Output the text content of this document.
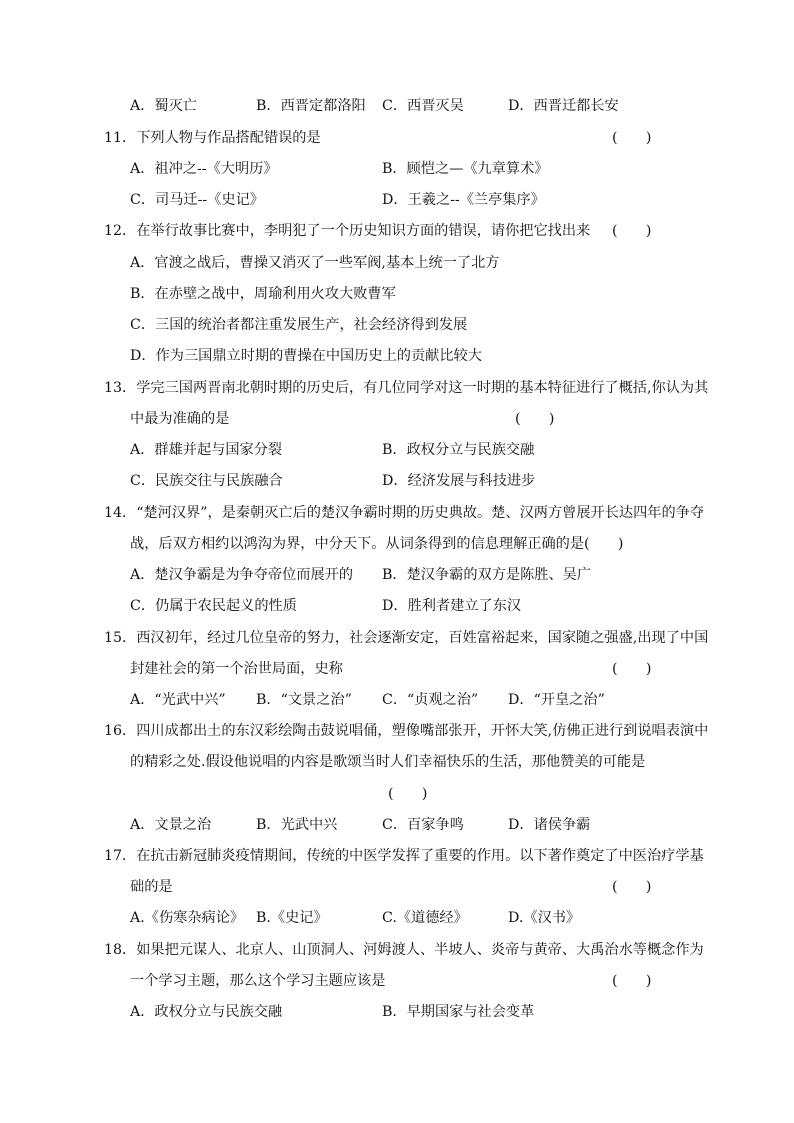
A．蜀灭亡	B．西晋定都洛阳 C．西晋灭吴	D．西晋迁都长安
11．下列人物与作品搭配错误的是	(　　)
A．祖冲之--《大明历》	B．顾恺之—《九章算术》
C．司马迁--《史记》	D．王羲之--《兰亭集序》
12．在举行故事比赛中，李明犯了一个历史知识方面的错误，请你把它找出来 (　　)
A．官渡之战后，曹操又消灭了一些军阀,基本上统一了北方
B．在赤壁之战中，周瑜利用火攻大败曹军
C．三国的统治者都注重发展生产，社会经济得到发展
D．作为三国鼎立时期的曹操在中国历史上的贡献比较大
13．学完三国两晋南北朝时期的历史后，有几位同学对这一时期的基本特征进行了概括,你认为其
中最为准确的是	(　　)
A．群雄并起与国家分裂	B．政权分立与民族交融
C．民族交往与民族融合	D．经济发展与科技进步
14．“楚河汉界”，是秦朝灭亡后的楚汉争霸时期的历史典故。楚、汉两方曾展开长达四年的争夺
战，后双方相约以鸿沟为界，中分天下。从词条得到的信息理解正确的是(　　)
A．楚汉争霸是为争夺帝位而展开的 B．楚汉争霸的双方是陈胜、吴广
C．仍属于农民起义的性质	D．胜利者建立了东汉
15．西汉初年，经过几位皇帝的努力，社会逐渐安定，百姓富裕起来，国家随之强盛,出现了中国
封建社会的第一个治世局面，史称	(　　)
A．“光武中兴” B．“文景之治” C．“贞观之治” D．“开皇之治”
16．四川成都出土的东汉彩绘陶击鼓说唱俑，塑像嘴部张开，开怀大笑,仿佛正进行到说唱表演中
的精彩之处.假设他说唱的内容是歌颂当时人们幸福快乐的生活，那他赞美的可能是
(　　)
A．文景之治	B．光武中兴	C．百家争鸣	D．诸侯争霸
17．在抗击新冠肺炎疫情期间，传统的中医学发挥了重要的作用。以下著作奠定了中医治疗学基
础的是	(　　)
A.《伤寒杂病论》 B.《史记》	C.《道德经》	D.《汉书》
18．如果把元谋人、北京人、山顶洞人、河姆渡人、半坡人、炎帝与黄帝、大禹治水等概念作为
一个学习主题，那么这个学习主题应该是	(　　)
A．政权分立与民族交融	B．早期国家与社会变革
